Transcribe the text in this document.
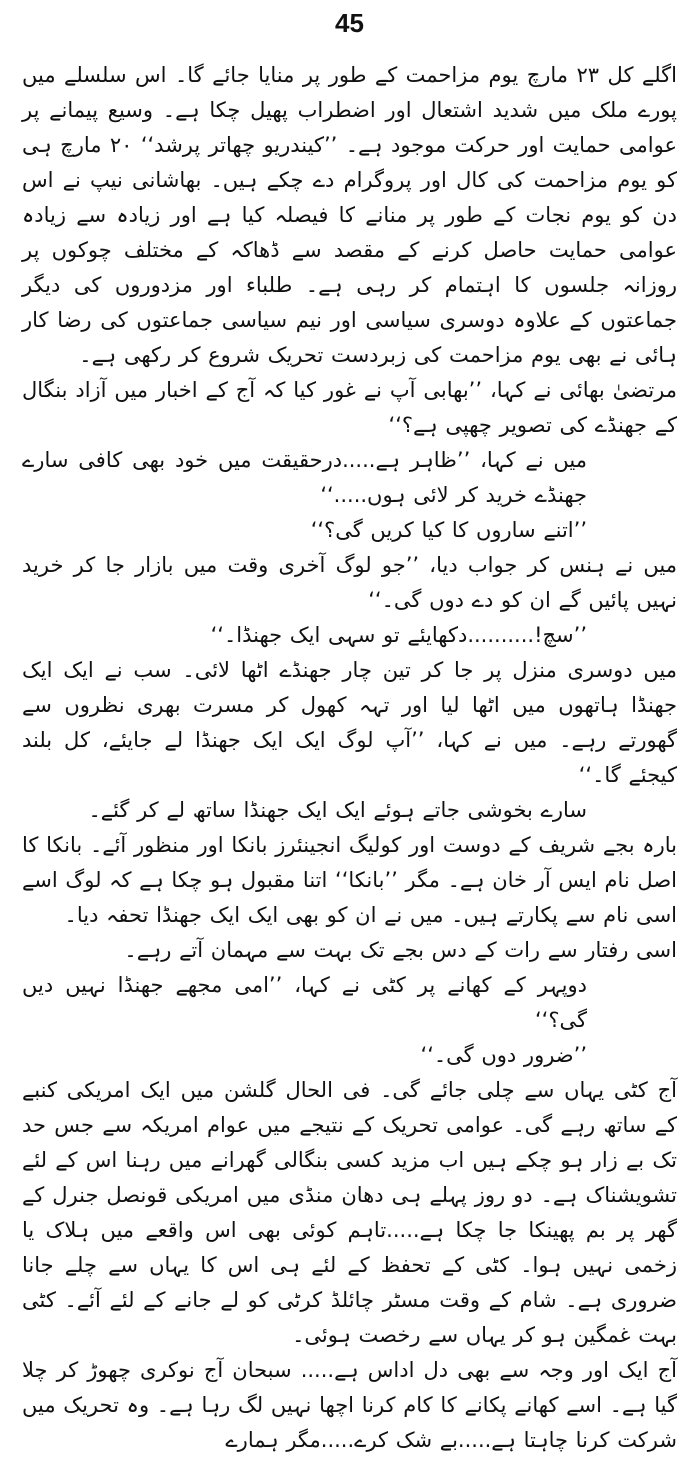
45

اگلے کل ۲۳ مارچ یوم مزاحمت کے طور پر منایا جائے گا۔ اس سلسلے میں پورے ملک میں شدید اشتعال اور اضطراب پھیل چکا ہے۔ وسیع پیمانے پر عوامی حمایت اور حرکت موجود ہے۔ ’’کیندریو چھاتر پرشد‘‘ ۲۰ مارچ ہی کو یوم مزاحمت کی کال اور پروگرام دے چکے ہیں۔ بھاشانی نیپ نے اس دن کو یوم نجات کے طور پر منانے کا فیصلہ کیا ہے اور زیادہ سے زیادہ عوامی حمایت حاصل کرنے کے مقصد سے ڈھاکہ کے مختلف چوکوں پر روزانہ جلسوں کا اہتمام کر رہی ہے۔ طلباء اور مزدوروں کی دیگر جماعتوں کے علاوہ دوسری سیاسی اور نیم سیاسی جماعتوں کی رضا کار ہائی نے بھی یوم مزاحمت کی زبردست تحریک شروع کر رکھی ہے۔

مرتضیٰ بھائی نے کہا، ’’بھابی آپ نے غور کیا کہ آج کے اخبار میں آزاد بنگال کے جھنڈے کی تصویر چھپی ہے؟‘‘

میں نے کہا، ’’ظاہر ہے.....درحقیقت میں خود بھی کافی سارے جھنڈے خرید کر لائی ہوں.....‘‘

’’اتنے ساروں کا کیا کریں گی؟‘‘

میں نے ہنس کر جواب دیا، ’’جو لوگ آخری وقت میں بازار جا کر خرید نہیں پائیں گے ان کو دے دوں گی۔‘‘

’’سچ!..........دکھایئے تو سہی ایک جھنڈا۔‘‘

میں دوسری منزل پر جا کر تین چار جھنڈے اٹھا لائی۔ سب نے ایک ایک جھنڈا ہاتھوں میں اٹھا لیا اور تہہ کھول کر مسرت بھری نظروں سے گھورتے رہے۔ میں نے کہا، ’’آپ لوگ ایک ایک جھنڈا لے جایئے، کل بلند کیجئے گا۔‘‘

سارے بخوشی جاتے ہوئے ایک ایک جھنڈا ساتھ لے کر گئے۔

بارہ بجے شریف کے دوست اور کولیگ انجینئرز بانکا اور منظور آئے۔ بانکا کا اصل نام ایس آر خان ہے۔ مگر ’’بانکا‘‘ اتنا مقبول ہو چکا ہے کہ لوگ اسے اسی نام سے پکارتے ہیں۔ میں نے ان کو بھی ایک ایک جھنڈا تحفہ دیا۔

اسی رفتار سے رات کے دس بجے تک بہت سے مہمان آتے رہے۔

دوپہر کے کھانے پر کٹی نے کہا، ’’امی مجھے جھنڈا نہیں دیں گی؟‘‘

’’ضرور دوں گی۔‘‘

آج کٹی یہاں سے چلی جائے گی۔ فی الحال گلشن میں ایک امریکی کنبے کے ساتھ رہے گی۔ عوامی تحریک کے نتیجے میں عوام امریکہ سے جس حد تک بے زار ہو چکے ہیں اب مزید کسی بنگالی گھرانے میں رہنا اس کے لئے تشویشناک ہے۔ دو روز پہلے ہی دھان منڈی میں امریکی قونصل جنرل کے گھر پر بم پھینکا جا چکا ہے.....تاہم کوئی بھی اس واقعے میں ہلاک یا زخمی نہیں ہوا۔ کٹی کے تحفظ کے لئے ہی اس کا یہاں سے چلے جانا ضروری ہے۔ شام کے وقت مسٹر چائلڈ کرٹی کو لے جانے کے لئے آئے۔ کٹی بہت غمگین ہو کر یہاں سے رخصت ہوئی۔

آج ایک اور وجہ سے بھی دل اداس ہے..... سبحان آج نوکری چھوڑ کر چلا گیا ہے۔ اسے کھانے پکانے کا کام کرنا اچھا نہیں لگ رہا ہے۔ وہ تحریک میں شرکت کرنا چاہتا ہے.....بے شک کرے.....مگر ہمارے
